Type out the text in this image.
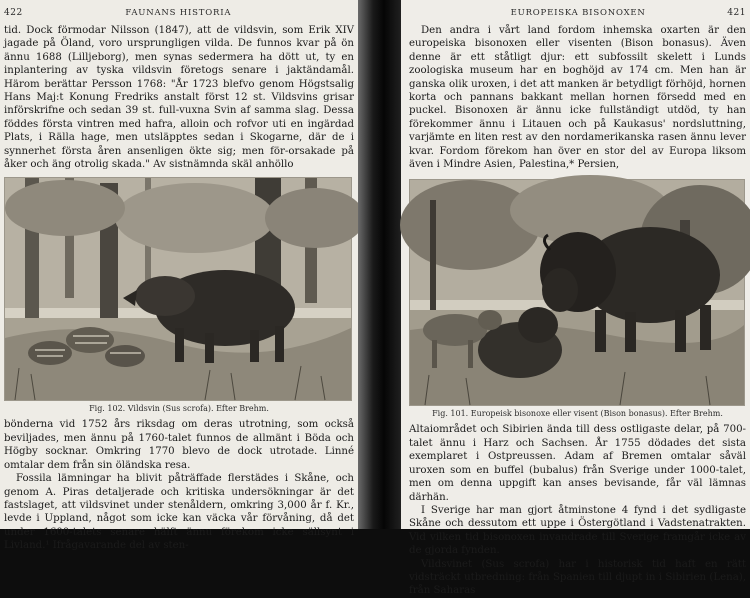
422	FAUNANS HISTORIA

tid. Dock förmodar Nilsson (1847), att de vildsvin, som Erik XIV jagade på Öland, voro ursprungligen vilda. De funnos kvar på ön ännu 1688 (Lilljeborg), men synas sedermera ha dött ut, ty en inplantering av tyska vildsvin företogs senare i jaktändamål. Härom berättar Persson 1768: "År 1723 blefvo genom Högstsalig Hans Maj:t Konung Fredriks anstalt först 12 st. Vildsvins grisar införskrifne och sedan 39 st. full-vuxna Svin af samma slag. Dessa föddes första vintren med hafra, alloin och rofvor uti en ingärdad Plats, i Rälla hage, men utsläpptes sedan i Skogarne, där de i synnerhet första åren ansenligen ökte sig; men för-orsakade på åker och äng otrolig skada." Av sistnämnda skäl anhöllo

Fig. 102. Vildsvin (Sus scrofa). Efter Brehm.

bönderna vid 1752 års riksdag om deras utrotning, som också beviljades, men ännu på 1760-talet funnos de allmänt i Böda och Högby socknar. Omkring 1770 blevo de dock utrotade. Linné omtalar dem från sin öländska resa.

Fossila lämningar ha blivit påträffade flerstädes i Skåne, och genom A. Piras detaljerade och kritiska undersökningar är det fastslaget, att vildsvinet under stenåldern, omkring 3,000 år f. Kr., levde i Uppland, något som icke kan väcka vår förvåning, då det under 1600-talets senare hälft ännu förekom icke sällsynt i Livland.¹ Ifrågavarande del av sten-

EUROPEISKA BISONOXEN	421

Den andra i vårt land fordom inhemska oxarten är den europeiska bisonoxen eller visenten (Bison bonasus). Även denne är ett ståtligt djur: ett subfossilt skelett i Lunds zoologiska museum har en boghöjd av 174 cm. Men han är ganska olik uroxen, i det att manken är betydligt förhöjd, hornen korta och pannans bakkant mellan hornen försedd med en puckel. Bisonoxen är ännu icke fullständigt utdöd, ty han förekommer ännu i Litauen och på Kaukasus' nordsluttning, varjämte en liten rest av den nordamerikanska rasen ännu lever kvar. Fordom förekom han över en stor del av Europa liksom även i Mindre Asien, Palestina,* Persien,

Fig. 101. Europeisk bisonoxe eller visent (Bison bonasus). Efter Brehm.

Altaiområdet och Sibirien ända till dess ostligaste delar, på 700-talet ännu i Harz och Sachsen. År 1755 dödades det sista exemplaret i Ostpreussen. Adam af Bremen omtalar såväl uroxen som en buffel (bubalus) från Sverige under 1000-talet, men om denna uppgift kan anses bevisande, får väl lämnas därhän.

I Sverige har man gjort åtminstone 4 fynd i det sydligaste Skåne och dessutom ett uppe i Östergötland i Vadstenatrakten. Vid vilken tid bisonoxen invandrade till Sverige framgår icke av de gjorda fynden.

Vildsvinet (Sus scrofa) har i historisk tid haft en rätt vidsträckt utbredning: från Spanien till djupt in i Sibirien (Lena), från Saharas
